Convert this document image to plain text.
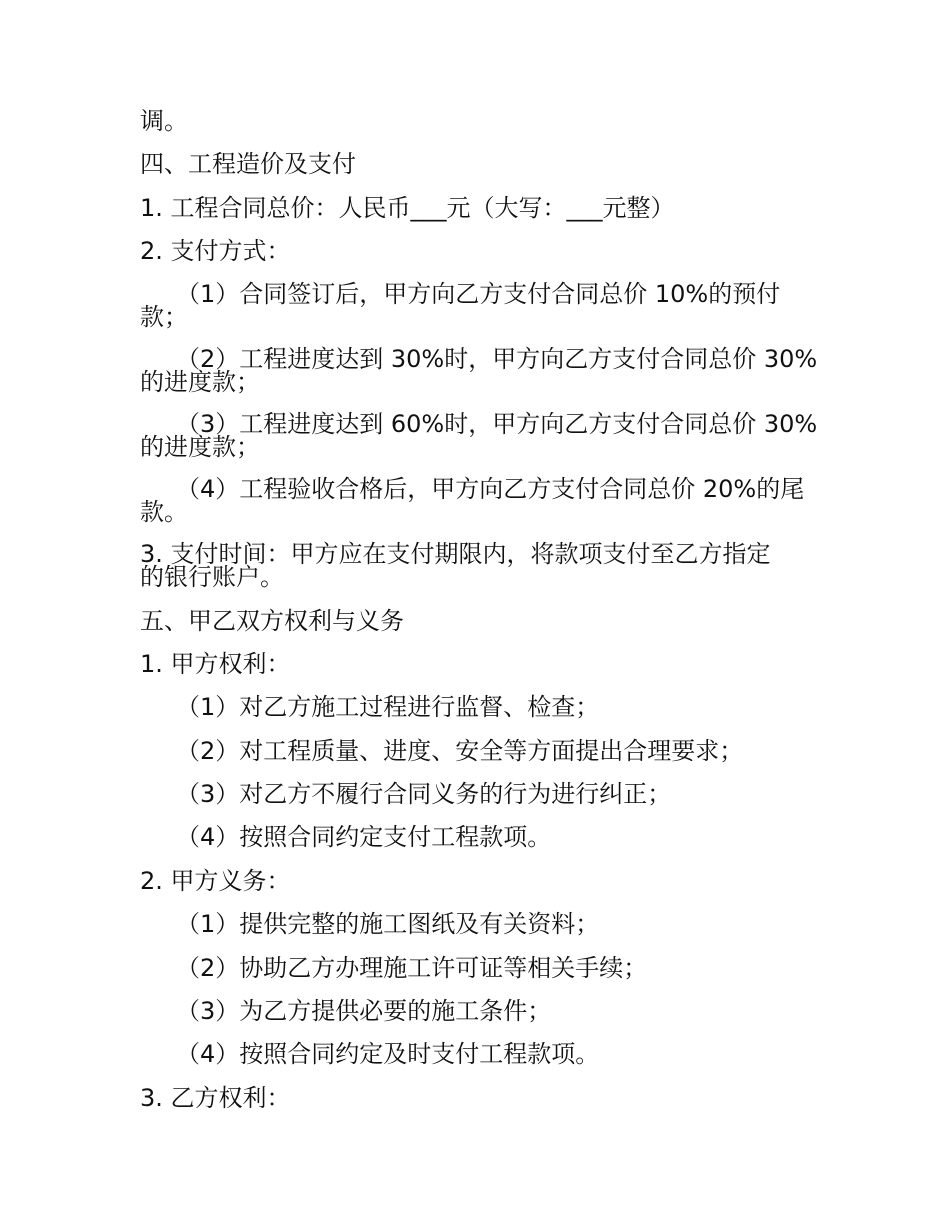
调。
四、工程造价及支付
1. 工程合同总价：人民币___元（大写：___元整）
2. 支付方式：
（1）合同签订后，甲方向乙方支付合同总价 10%的预付
款；
（2）工程进度达到 30%时，甲方向乙方支付合同总价 30%
的进度款；
（3）工程进度达到 60%时，甲方向乙方支付合同总价 30%
的进度款；
（4）工程验收合格后，甲方向乙方支付合同总价 20%的尾
款。
3. 支付时间：甲方应在支付期限内，将款项支付至乙方指定
的银行账户。
五、甲乙双方权利与义务
1. 甲方权利：
（1）对乙方施工过程进行监督、检查；
（2）对工程质量、进度、安全等方面提出合理要求；
（3）对乙方不履行合同义务的行为进行纠正；
（4）按照合同约定支付工程款项。
2. 甲方义务：
（1）提供完整的施工图纸及有关资料；
（2）协助乙方办理施工许可证等相关手续；
（3）为乙方提供必要的施工条件；
（4）按照合同约定及时支付工程款项。
3. 乙方权利：
